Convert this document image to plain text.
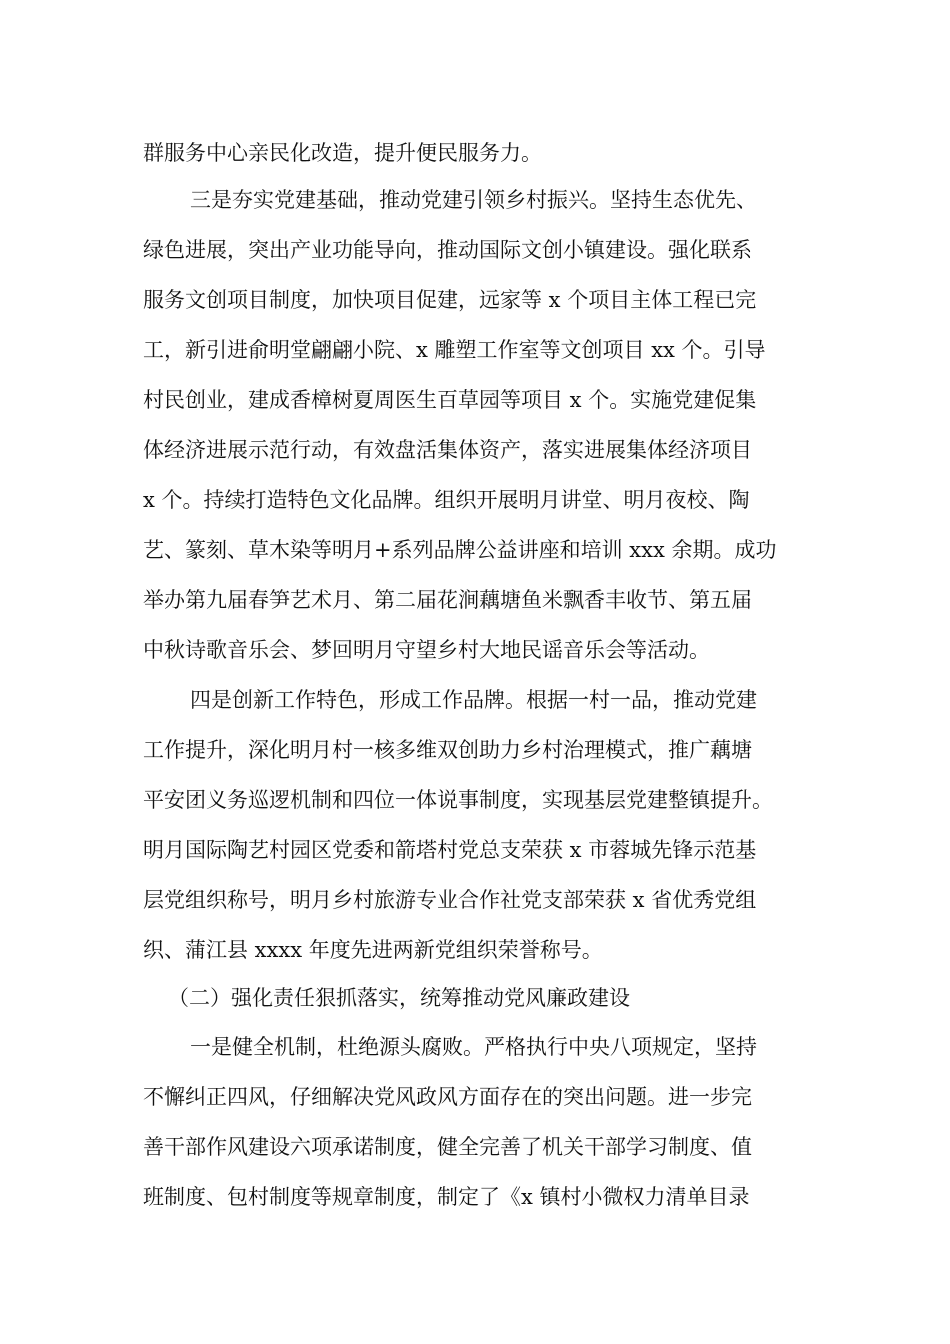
群服务中心亲民化改造，提升便民服务力。
三是夯实党建基础，推动党建引领乡村振兴。坚持生态优先、
绿色进展，突出产业功能导向，推动国际文创小镇建设。强化联系
服务文创项目制度，加快项目促建，远家等 x 个项目主体工程已完
工，新引进俞明堂翩翩小院、x 雕塑工作室等文创项目 xx 个。引导
村民创业，建成香樟树夏周医生百草园等项目 x 个。实施党建促集
体经济进展示范行动，有效盘活集体资产，落实进展集体经济项目
x 个。持续打造特色文化品牌。组织开展明月讲堂、明月夜校、陶
艺、篆刻、草木染等明月+系列品牌公益讲座和培训 xxx 余期。成功
举办第九届春笋艺术月、第二届花涧藕塘鱼米飘香丰收节、第五届
中秋诗歌音乐会、梦回明月守望乡村大地民谣音乐会等活动。
四是创新工作特色，形成工作品牌。根据一村一品，推动党建
工作提升，深化明月村一核多维双创助力乡村治理模式，推广藕塘
平安团义务巡逻机制和四位一体说事制度，实现基层党建整镇提升。
明月国际陶艺村园区党委和箭塔村党总支荣获 x 市蓉城先锋示范基
层党组织称号，明月乡村旅游专业合作社党支部荣获 x 省优秀党组
织、蒲江县 xxxx 年度先进两新党组织荣誉称号。
（二）强化责任狠抓落实，统筹推动党风廉政建设
一是健全机制，杜绝源头腐败。严格执行中央八项规定，坚持
不懈纠正四风，仔细解决党风政风方面存在的突出问题。进一步完
善干部作风建设六项承诺制度，健全完善了机关干部学习制度、值
班制度、包村制度等规章制度，制定了《x 镇村小微权力清单目录
